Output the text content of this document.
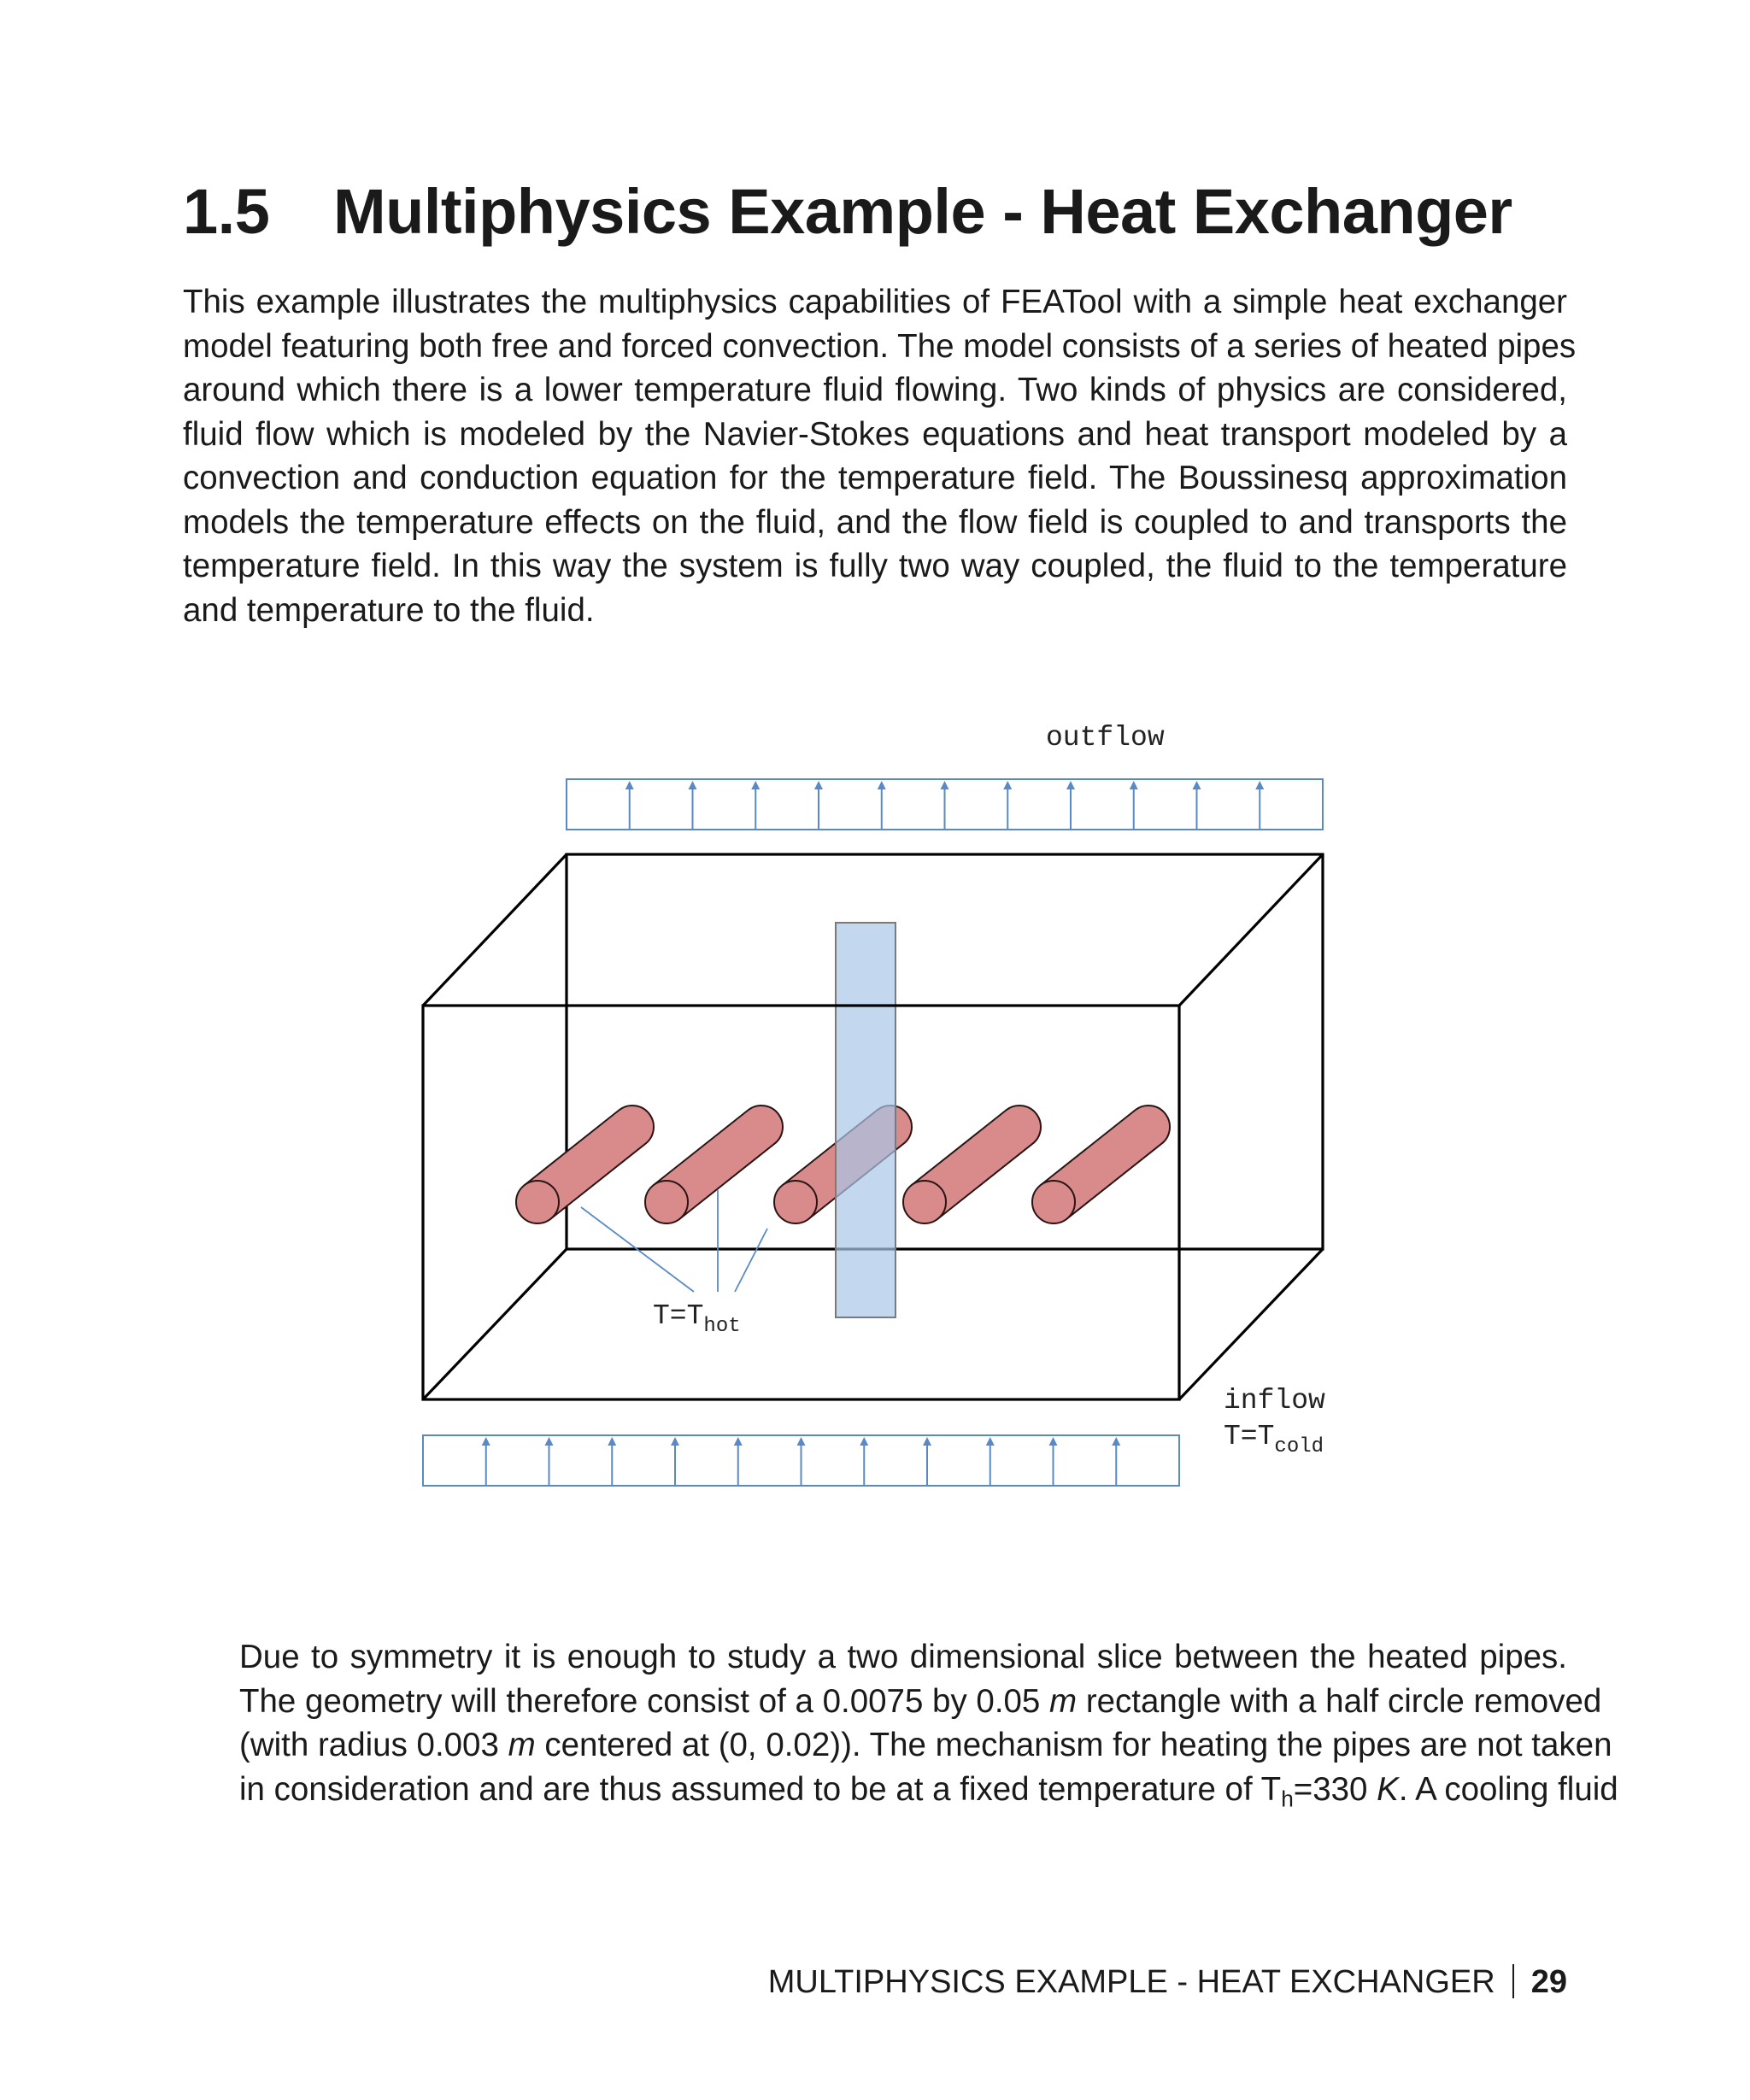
1.5 Multiphysics Example - Heat Exchanger

This example illustrates the multiphysics capabilities of FEATool with a simple heat exchanger
model featuring both free and forced convection. The model consists of a series of heated pipes
around which there is a lower temperature fluid flowing. Two kinds of physics are considered,
fluid flow which is modeled by the Navier-Stokes equations and heat transport modeled by a
convection and conduction equation for the temperature field. The Boussinesq approximation
models the temperature effects on the fluid, and the flow field is coupled to and transports the
temperature field. In this way the system is fully two way coupled, the fluid to the temperature
and temperature to the fluid.

outflow
$T=T_{hot}$
inflow
$T=T_{cold}$

Due to symmetry it is enough to study a two dimensional slice between the heated pipes.
The geometry will therefore consist of a 0.0075 by 0.05 m rectangle with a half circle removed
(with radius 0.003 m centered at (0, 0.02)). The mechanism for heating the pipes are not taken
in consideration and are thus assumed to be at a fixed temperature of $T_h=330$ K. A cooling fluid

MULTIPHYSICS EXAMPLE - HEAT EXCHANGER 29
